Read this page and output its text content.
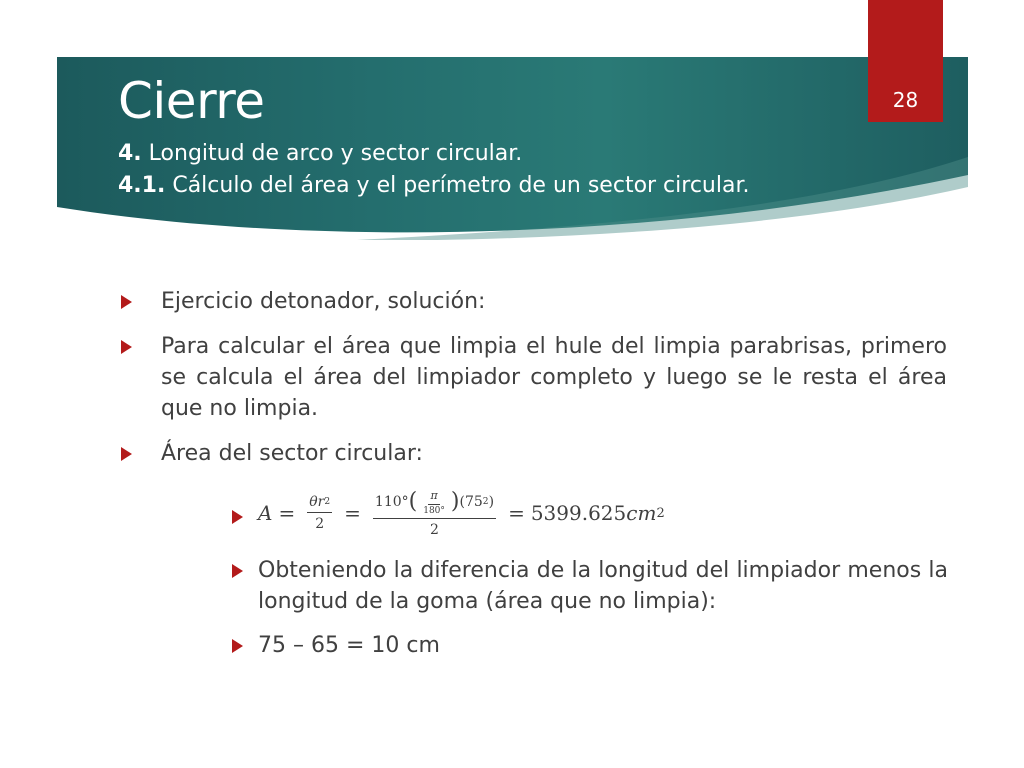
Cierre
4. Longitud de arco y sector circular.
4.1. Cálculo del área y el perímetro de un sector circular.
28
Ejercicio detonador, solución:
Para calcular el área que limpia el hule del limpia parabrisas, primero se calcula el área del limpiador completo y luego se le resta el área que no limpia.
Área del sector circular:
$A = \frac{\theta r 2}{2} = 110^\circ$ ( $\frac{\pi}{180^\circ}$ ) (75 2 )
2
= 5399.625 cm 2
Obteniendo la diferencia de la longitud del limpiador menos la longitud de la goma (área que no limpia):
75 – 65 = 10 cm
